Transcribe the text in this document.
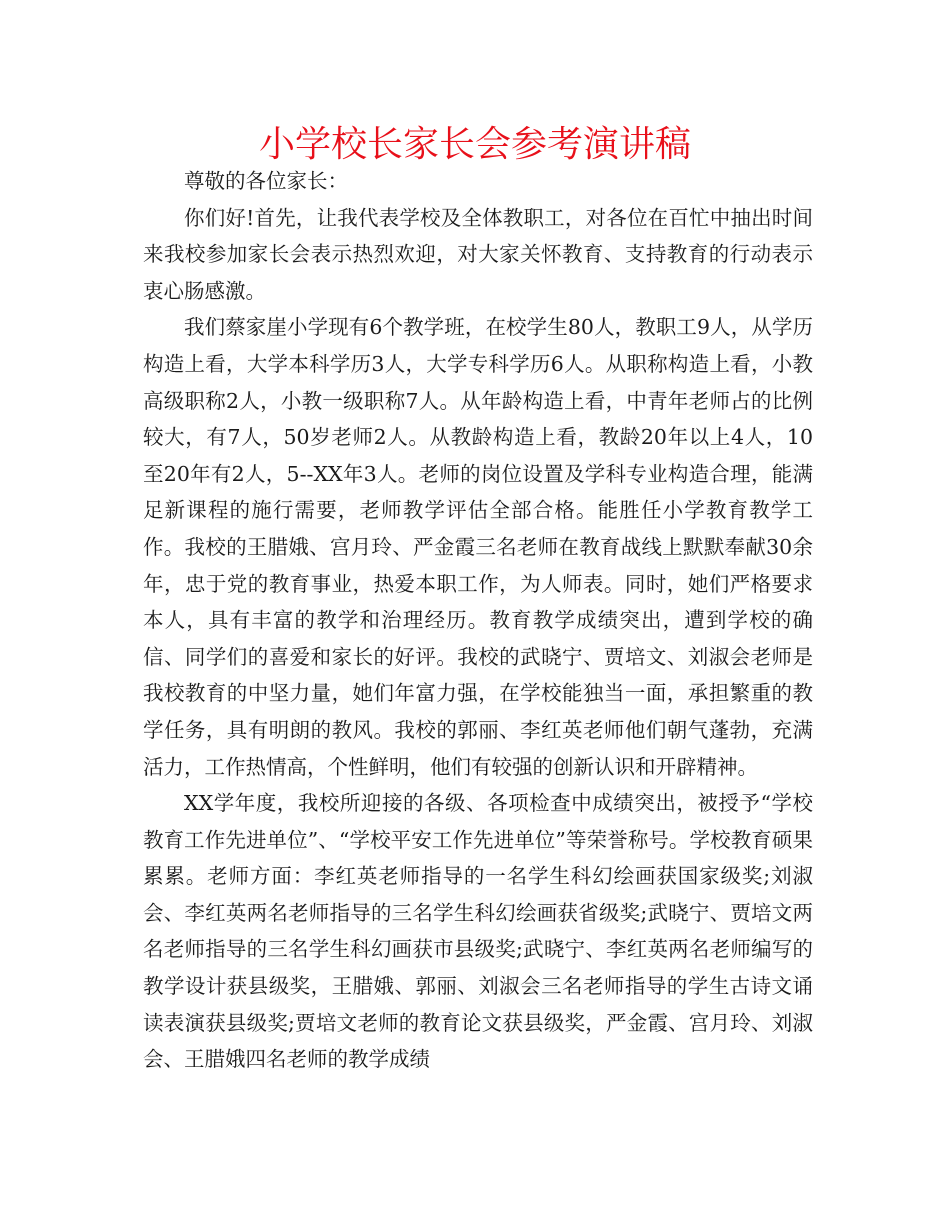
小学校长家长会参考演讲稿

尊敬的各位家长：

你们好!首先，让我代表学校及全体教职工，对各位在百忙中抽出时间来我校参加家长会表示热烈欢迎，对大家关怀教育、支持教育的行动表示衷心肠感激。

我们蔡家崖小学现有6个教学班，在校学生80人，教职工9人，从学历构造上看，大学本科学历3人，大学专科学历6人。从职称构造上看，小教高级职称2人，小教一级职称7人。从年龄构造上看，中青年老师占的比例较大，有7人，50岁老师2人。从教龄构造上看，教龄20年以上4人，10至20年有2人，5--XX年3人。老师的岗位设置及学科专业构造合理，能满足新课程的施行需要，老师教学评估全部合格。能胜任小学教育教学工作。我校的王腊娥、宫月玲、严金霞三名老师在教育战线上默默奉献30余年，忠于党的教育事业，热爱本职工作，为人师表。同时，她们严格要求本人，具有丰富的教学和治理经历。教育教学成绩突出，遭到学校的确信、同学们的喜爱和家长的好评。我校的武晓宁、贾培文、刘淑会老师是我校教育的中坚力量，她们年富力强，在学校能独当一面，承担繁重的教学任务，具有明朗的教风。我校的郭丽、李红英老师他们朝气蓬勃，充满活力，工作热情高，个性鲜明，他们有较强的创新认识和开辟精神。

XX学年度，我校所迎接的各级、各项检查中成绩突出，被授予“学校教育工作先进单位”、“学校平安工作先进单位”等荣誉称号。学校教育硕果累累。老师方面：李红英老师指导的一名学生科幻绘画获国家级奖;刘淑会、李红英两名老师指导的三名学生科幻绘画获省级奖;武晓宁、贾培文两名老师指导的三名学生科幻画获市县级奖;武晓宁、李红英两名老师编写的教学设计获县级奖，王腊娥、郭丽、刘淑会三名老师指导的学生古诗文诵读表演获县级奖;贾培文老师的教育论文获县级奖，严金霞、宫月玲、刘淑会、王腊娥四名老师的教学成绩
